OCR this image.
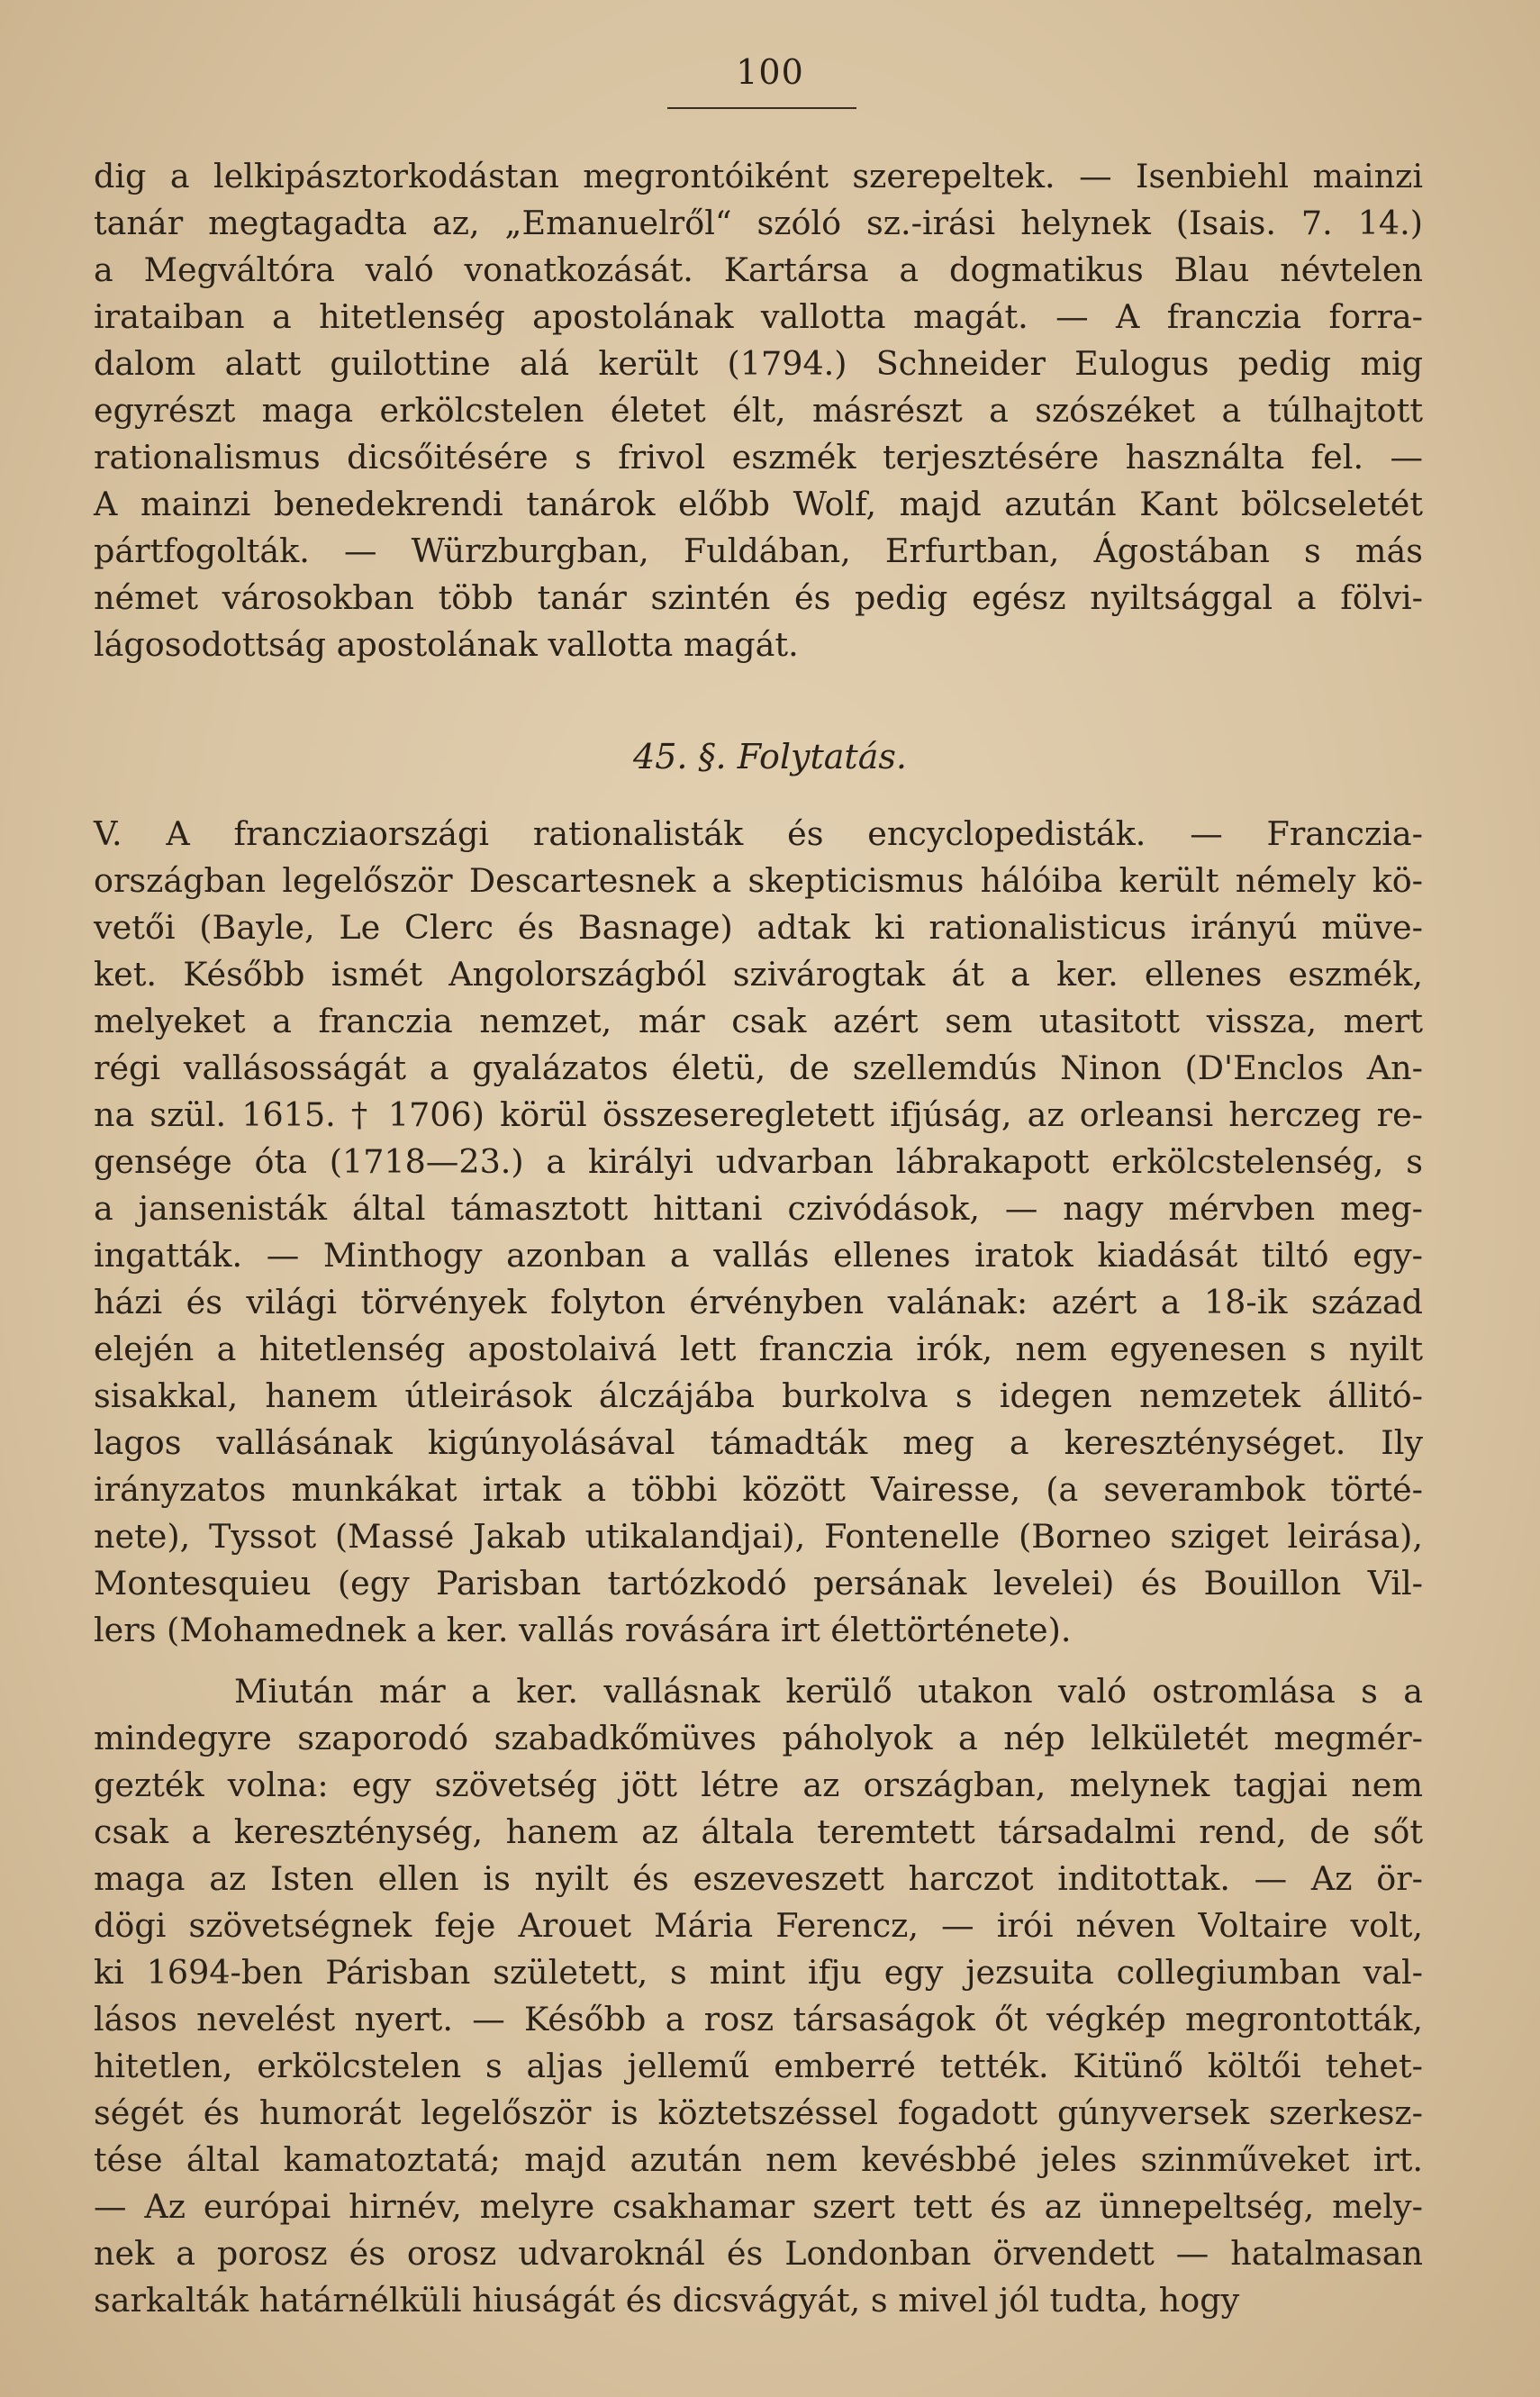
100
dig a lelkipásztorkodástan megrontóiként szerepeltek. — Isenbiehl mainzi
tanár megtagadta az, „Emanuelről“ szóló sz.-irási helynek (Isais. 7. 14.)
a Megváltóra való vonatkozását. Kartársa a dogmatikus Blau névtelen
irataiban a hitetlenség apostolának vallotta magát. — A franczia forra-
dalom alatt guilottine alá került (1794.) Schneider Eulogus pedig mig
egyrészt maga erkölcstelen életet élt, másrészt a szószéket a túlhajtott
rationalismus dicsőitésére s frivol eszmék terjesztésére használta fel. —
A mainzi benedekrendi tanárok előbb Wolf, majd azután Kant bölcseletét
pártfogolták. — Würzburgban, Fuldában, Erfurtban, Ágostában s más
német városokban több tanár szintén és pedig egész nyiltsággal a fölvi-
lágosodottság apostolának vallotta magát.
45. §. Folytatás.
V. A francziaországi rationalisták és encyclopedisták. — Franczia-
országban legelőször Descartesnek a skepticismus hálóiba került némely kö-
vetői (Bayle, Le Clerc és Basnage) adtak ki rationalisticus irányú müve-
ket. Később ismét Angolországból szivárogtak át a ker. ellenes eszmék,
melyeket a franczia nemzet, már csak azért sem utasitott vissza, mert
régi vallásosságát a gyalázatos életü, de szellemdús Ninon (D'Enclos An-
na szül. 1615. † 1706) körül összeseregletett ifjúság, az orleansi herczeg re-
gensége óta (1718—23.) a királyi udvarban lábrakapott erkölcstelenség, s
a jansenisták által támasztott hittani czivódások, — nagy mérvben meg-
ingatták. — Minthogy azonban a vallás ellenes iratok kiadását tiltó egy-
házi és világi törvények folyton érvényben valának: azért a 18-ik század
elején a hitetlenség apostolaivá lett franczia irók, nem egyenesen s nyilt
sisakkal, hanem útleirások álczájába burkolva s idegen nemzetek állitó-
lagos vallásának kigúnyolásával támadták meg a kereszténységet. Ily
irányzatos munkákat irtak a többi között Vairesse, (a severambok törté-
nete), Tyssot (Massé Jakab utikalandjai), Fontenelle (Borneo sziget leirása),
Montesquieu (egy Parisban tartózkodó persának levelei) és Bouillon Vil-
lers (Mohamednek a ker. vallás rovására irt élettörténete).
Miután már a ker. vallásnak kerülő utakon való ostromlása s a
mindegyre szaporodó szabadkőmüves páholyok a nép lelkületét megmér-
gezték volna: egy szövetség jött létre az országban, melynek tagjai nem
csak a kereszténység, hanem az általa teremtett társadalmi rend, de sőt
maga az Isten ellen is nyilt és eszeveszett harczot inditottak. — Az ör-
dögi szövetségnek feje Arouet Mária Ferencz, — irói néven Voltaire volt,
ki 1694-ben Párisban született, s mint ifju egy jezsuita collegiumban val-
lásos nevelést nyert. — Később a rosz társaságok őt végkép megrontották,
hitetlen, erkölcstelen s aljas jellemű emberré tették. Kitünő költői tehet-
ségét és humorát legelőször is köztetszéssel fogadott gúnyversek szerkesz-
tése által kamatoztatá; majd azután nem kevésbbé jeles szinműveket irt.
— Az európai hirnév, melyre csakhamar szert tett és az ünnepeltség, mely-
nek a porosz és orosz udvaroknál és Londonban örvendett — hatalmasan
sarkalták határnélküli hiuságát és dicsvágyát, s mivel jól tudta, hogy
